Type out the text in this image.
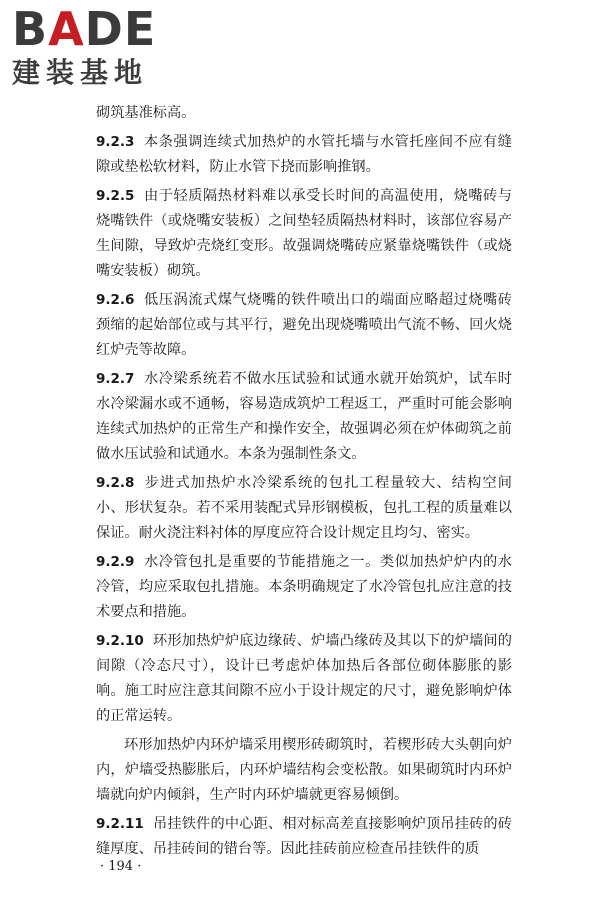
BADE
建装基地

砌筑基准标高。

9.2.3 本条强调连续式加热炉的水管托墙与水管托座间不应有缝隙或垫松软材料，防止水管下挠而影响推钢。

9.2.5 由于轻质隔热材料难以承受长时间的高温使用，烧嘴砖与烧嘴铁件（或烧嘴安装板）之间垫轻质隔热材料时，该部位容易产生间隙，导致炉壳烧红变形。故强调烧嘴砖应紧靠烧嘴铁件（或烧嘴安装板）砌筑。

9.2.6 低压涡流式煤气烧嘴的铁件喷出口的端面应略超过烧嘴砖颈缩的起始部位或与其平行，避免出现烧嘴喷出气流不畅、回火烧红炉壳等故障。

9.2.7 水冷梁系统若不做水压试验和试通水就开始筑炉，试车时水冷梁漏水或不通畅，容易造成筑炉工程返工，严重时可能会影响连续式加热炉的正常生产和操作安全，故强调必须在炉体砌筑之前做水压试验和试通水。本条为强制性条文。

9.2.8 步进式加热炉水冷梁系统的包扎工程量较大、结构空间小、形状复杂。若不采用装配式异形钢模板，包扎工程的质量难以保证。耐火浇注料衬体的厚度应符合设计规定且均匀、密实。

9.2.9 水冷管包扎是重要的节能措施之一。类似加热炉炉内的水冷管，均应采取包扎措施。本条明确规定了水冷管包扎应注意的技术要点和措施。

9.2.10 环形加热炉炉底边缘砖、炉墙凸缘砖及其以下的炉墙间的间隙（冷态尺寸），设计已考虑炉体加热后各部位砌体膨胀的影响。施工时应注意其间隙不应小于设计规定的尺寸，避免影响炉体的正常运转。

环形加热炉内环炉墙采用楔形砖砌筑时，若楔形砖大头朝向炉内，炉墙受热膨胀后，内环炉墙结构会变松散。如果砌筑时内环炉墙就向炉内倾斜，生产时内环炉墙就更容易倾倒。

9.2.11 吊挂铁件的中心距、相对标高差直接影响炉顶吊挂砖的砖缝厚度、吊挂砖间的错台等。因此挂砖前应检查吊挂铁件的质

· 194 ·
